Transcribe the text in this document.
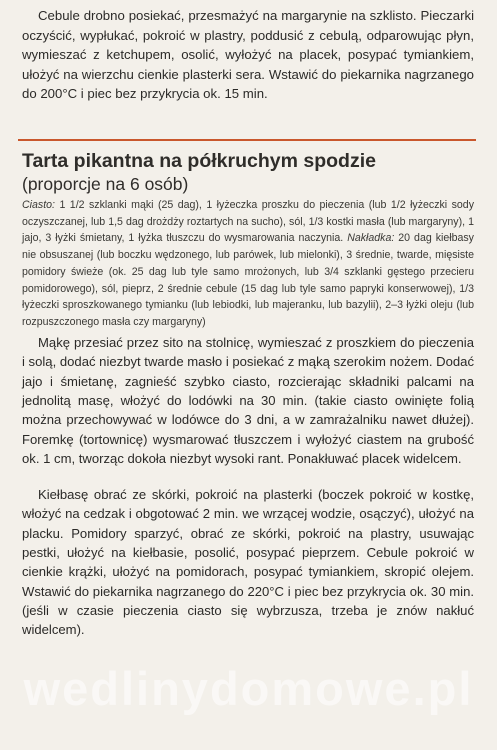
Cebule drobno posiekać, przesmażyć na margarynie na szklisto. Pieczarki oczyścić, wypłukać, pokroić w plastry, poddusić z cebulą, odparowując płyn, wymieszać z ketchupem, osolić, wyłożyć na placek, posypać tymiankiem, ułożyć na wierzchu cienkie plasterki sera. Wstawić do piekarnika nagrzanego do 200°C i piec bez przykrycia ok. 15 min.

Tarta pikantna na półkruchym spodzie
(proporcje na 6 osób)

Ciasto: 1 1/2 szklanki mąki (25 dag), 1 łyżeczka proszku do pieczenia (lub 1/2 łyżeczki sody oczyszczanej, lub 1,5 dag drożdży roztartych na sucho), sól, 1/3 kostki masła (lub margaryny), 1 jajo, 3 łyżki śmietany, 1 łyżka tłuszczu do wysmarowania naczynia. Nakładka: 20 dag kiełbasy nie obsuszanej (lub boczku wędzonego, lub parówek, lub mielonki), 3 średnie, twarde, mięsiste pomidory świeże (ok. 25 dag lub tyle samo mrożonych, lub 3/4 szklanki gęstego przecieru pomidorowego), sól, pieprz, 2 średnie cebule (15 dag lub tyle samo papryki konserwowej), 1/3 łyżeczki sproszkowanego tymianku (lub lebiodki, lub majeranku, lub bazylii), 2–3 łyżki oleju (lub rozpuszczonego masła czy margaryny)

Mąkę przesiać przez sito na stolnicę, wymieszać z proszkiem do pieczenia i solą, dodać niezbyt twarde masło i posiekać z mąką szerokim nożem. Dodać jajo i śmietanę, zagnieść szybko ciasto, rozcierając składniki palcami na jednolitą masę, włożyć do lodówki na 30 min. (takie ciasto owinięte folią można przechowywać w lodówce do 3 dni, a w zamrażalniku nawet dłużej). Foremkę (tortownicę) wysmarować tłuszczem i wyłożyć ciastem na grubość ok. 1 cm, tworząc dokoła niezbyt wysoki rant. Ponakłuwać placek widelcem.

Kiełbasę obrać ze skórki, pokroić na plasterki (boczek pokroić w kostkę, włożyć na cedzak i obgotować 2 min. we wrzącej wodzie, osączyć), ułożyć na placku. Pomidory sparzyć, obrać ze skórki, pokroić na plastry, usuwając pestki, ułożyć na kiełbasie, posolić, posypać pieprzem. Cebule pokroić w cienkie krążki, ułożyć na pomidorach, posypać tymiankiem, skropić olejem. Wstawić do piekarnika nagrzanego do 220°C i piec bez przykrycia ok. 30 min. (jeśli w czasie pieczenia ciasto się wybrzusza, trzeba je znów nakłuć widelcem).

wedlinydomowe.pl
